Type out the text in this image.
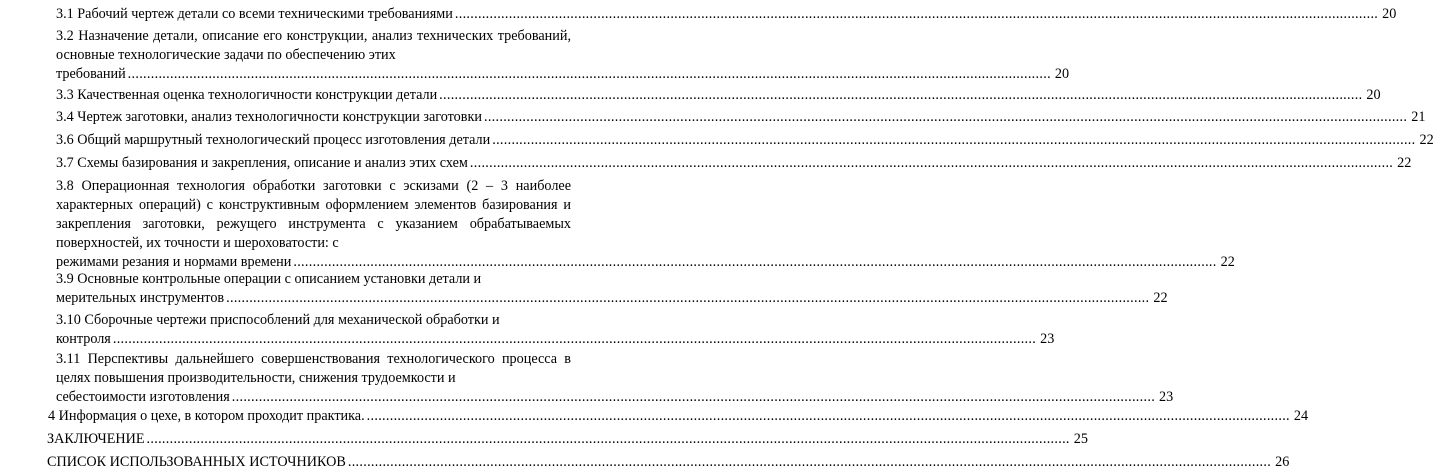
3.1 Рабочий чертеж детали со всеми техническими требованиями .....	20
3.2 Назначение детали, описание его конструкции, анализ технических требований, основные технологические задачи по обеспечению этих
требований .....	20
3.3 Качественная оценка технологичности конструкции детали .....	20
3.4 Чертеж заготовки, анализ технологичности конструкции заготовки .....	21
3.6 Общий маршрутный технологический процесс изготовления детали .....	22
3.7 Схемы базирования и закрепления, описание и анализ этих схем .....	22
3.8 Операционная технология обработки заготовки с эскизами (2 – 3 наиболее характерных операций) с конструктивным оформлением элементов базирования и закрепления заготовки, режущего инструмента с указанием обрабатываемых поверхностей, их точности и шероховатости: с
режимами резания и нормами времени .....	22
3.9 Основные контрольные операции с описанием установки детали и
мерительных инструментов .....	22
3.10 Сборочные чертежи приспособлений для механической обработки и
контроля .....	23
3.11 Перспективы дальнейшего совершенствования технологического процесса в целях повышения производительности, снижения трудоемкости и
себестоимости изготовления .....	23
4 Информация о цехе, в котором проходит практика. .....	24
ЗАКЛЮЧЕНИЕ .....	25
СПИСОК ИСПОЛЬЗОВАННЫХ ИСТОЧНИКОВ .....	26
